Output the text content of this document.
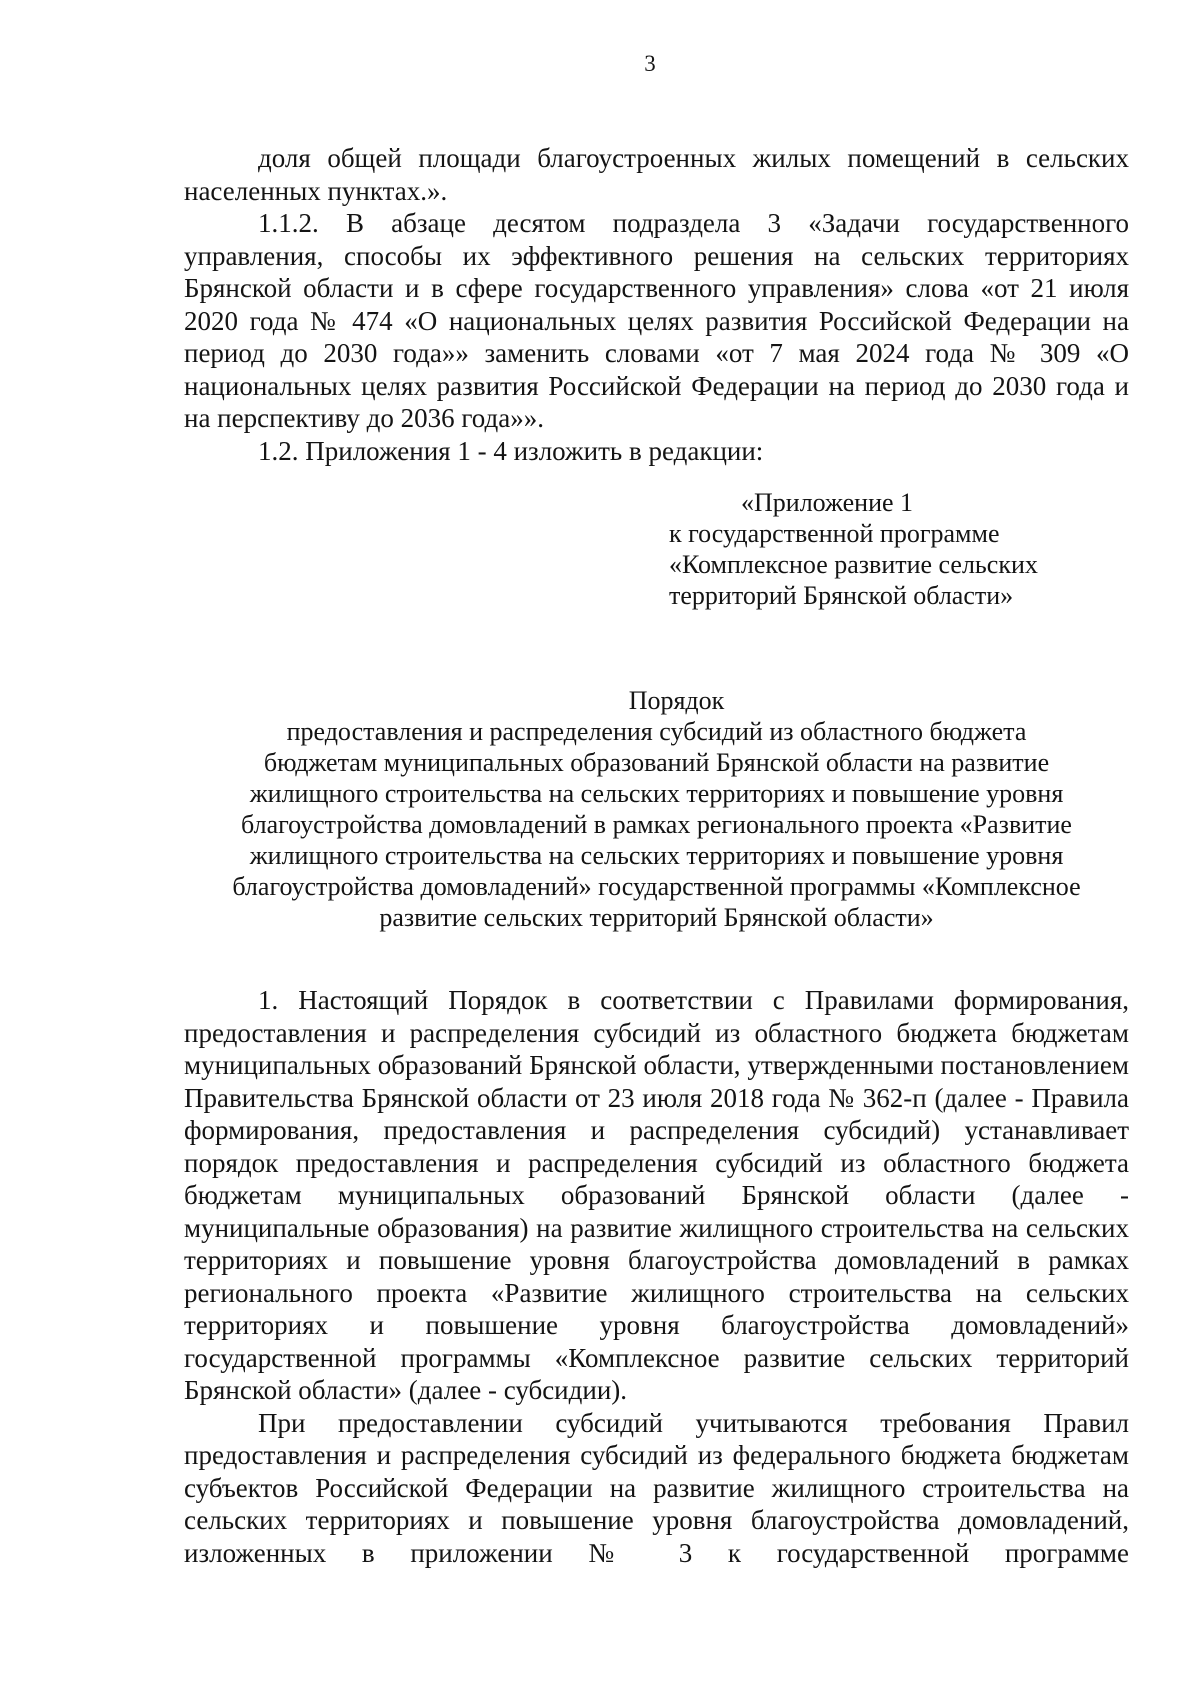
3

доля общей площади благоустроенных жилых помещений в сельских населенных пунктах.».

1.1.2. В абзаце десятом подраздела 3 «Задачи государственного управления, способы их эффективного решения на сельских территориях Брянской области и в сфере государственного управления» слова «от 21 июля 2020 года № 474 «О национальных целях развития Российской Федерации на период до 2030 года»» заменить словами «от 7 мая 2024 года № 309 «О национальных целях развития Российской Федерации на период до 2030 года и на перспективу до 2036 года»».

1.2. Приложения 1 - 4 изложить в редакции:

«Приложение 1
к государственной программе
«Комплексное развитие сельских
территорий Брянской области»
Порядок
предоставления и распределения субсидий из областного бюджета
бюджетам муниципальных образований Брянской области на развитие
жилищного строительства на сельских территориях и повышение уровня
благоустройства домовладений в рамках регионального проекта «Развитие
жилищного строительства на сельских территориях и повышение уровня
благоустройства домовладений» государственной программы «Комплексное
развитие сельских территорий Брянской области»

1. Настоящий Порядок в соответствии с Правилами формирования, предоставления и распределения субсидий из областного бюджета бюджетам муниципальных образований Брянской области, утвержденными постановлением Правительства Брянской области от 23 июля 2018 года № 362-п (далее - Правила формирования, предоставления и распределения субсидий) устанавливает порядок предоставления и распределения субсидий из областного бюджета бюджетам муниципальных образований Брянской области (далее - муниципальные образования) на развитие жилищного строительства на сельских территориях и повышение уровня благоустройства домовладений в рамках регионального проекта «Развитие жилищного строительства на сельских территориях и повышение уровня благоустройства домовладений» государственной программы «Комплексное развитие сельских территорий Брянской области» (далее - субсидии).

При предоставлении субсидий учитываются требования Правил предоставления и распределения субсидий из федерального бюджета бюджетам субъектов Российской Федерации на развитие жилищного строительства на сельских территориях и повышение уровня благоустройства домовладений, изложенных в приложении № 3 к государственной программе
